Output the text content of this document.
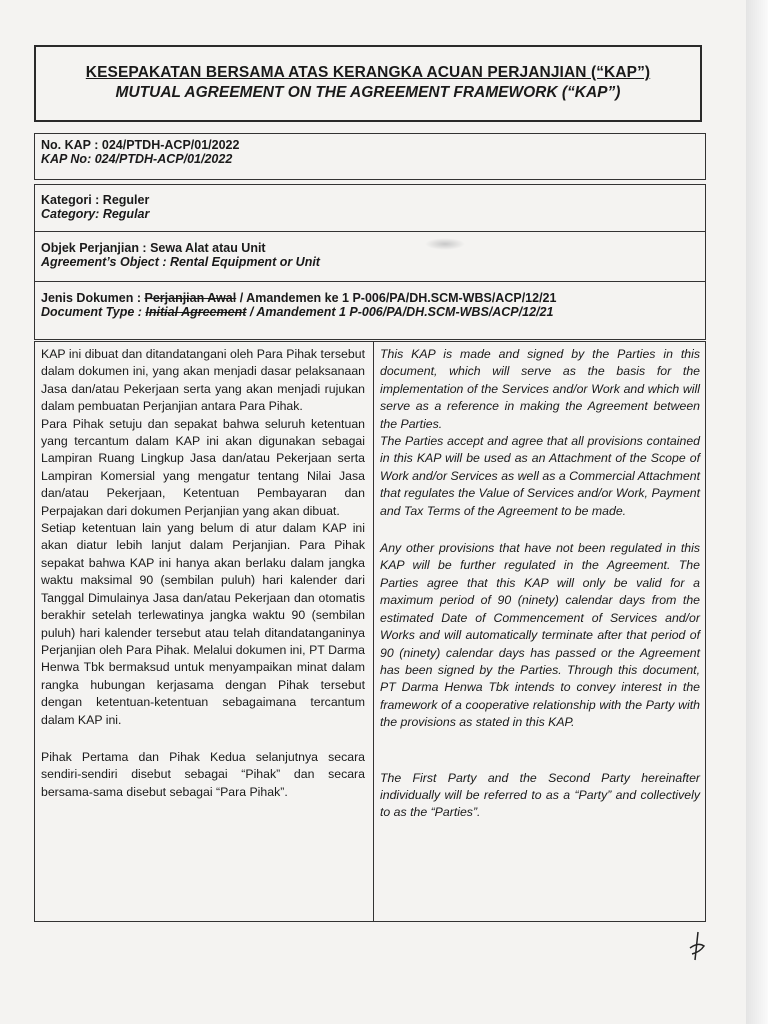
KESEPAKATAN BERSAMA ATAS KERANGKA ACUAN PERJANJIAN (“KAP”)
MUTUAL AGREEMENT ON THE AGREEMENT FRAMEWORK (“KAP”)
No. KAP : 024/PTDH-ACP/01/2022
KAP No: 024/PTDH-ACP/01/2022
Kategori : Reguler
Category: Regular
Objek Perjanjian : Sewa Alat atau Unit
Agreement’s Object : Rental Equipment or Unit
Jenis Dokumen : Perjanjian Awal / Amandemen ke 1 P-006/PA/DH.SCM-WBS/ACP/12/21
Document Type : Initial Agreement / Amandement 1 P-006/PA/DH.SCM-WBS/ACP/12/21

KAP ini dibuat dan ditandatangani oleh Para Pihak tersebut dalam dokumen ini, yang akan menjadi dasar pelaksanaan Jasa dan/atau Pekerjaan serta yang akan menjadi rujukan dalam pembuatan Perjanjian antara Para Pihak.

Para Pihak setuju dan sepakat bahwa seluruh ketentuan yang tercantum dalam KAP ini akan digunakan sebagai Lampiran Ruang Lingkup Jasa dan/atau Pekerjaan serta Lampiran Komersial yang mengatur tentang Nilai Jasa dan/atau Pekerjaan, Ketentuan Pembayaran dan Perpajakan dari dokumen Perjanjian yang akan dibuat.

Setiap ketentuan lain yang belum di atur dalam KAP ini akan diatur lebih lanjut dalam Perjanjian. Para Pihak sepakat bahwa KAP ini hanya akan berlaku dalam jangka waktu maksimal 90 (sembilan puluh) hari kalender dari Tanggal Dimulainya Jasa dan/atau Pekerjaan dan otomatis berakhir setelah terlewatinya jangka waktu 90 (sembilan puluh) hari kalender tersebut atau telah ditandatanganinya Perjanjian oleh Para Pihak. Melalui dokumen ini, PT Darma Henwa Tbk bermaksud untuk menyampaikan minat dalam rangka hubungan kerjasama dengan Pihak tersebut dengan ketentuan-ketentuan sebagaimana tercantum dalam KAP ini.

Pihak Pertama dan Pihak Kedua selanjutnya secara sendiri-sendiri disebut sebagai “Pihak” dan secara bersama-sama disebut sebagai “Para Pihak”.

This KAP is made and signed by the Parties in this document, which will serve as the basis for the implementation of the Services and/or Work and which will serve as a reference in making the Agreement between the Parties.

The Parties accept and agree that all provisions contained in this KAP will be used as an Attachment of the Scope of Work and/or Services as well as a Commercial Attachment that regulates the Value of Services and/or Work, Payment and Tax Terms of the Agreement to be made.

Any other provisions that have not been regulated in this KAP will be further regulated in the Agreement. The Parties agree that this KAP will only be valid for a maximum period of 90 (ninety) calendar days from the estimated Date of Commencement of Services and/or Works and will automatically terminate after that period of 90 (ninety) calendar days has passed or the Agreement has been signed by the Parties. Through this document, PT Darma Henwa Tbk intends to convey interest in the framework of a cooperative relationship with the Party with the provisions as stated in this KAP.

The First Party and the Second Party hereinafter individually will be referred to as a “Party” and collectively to as the “Parties”.
